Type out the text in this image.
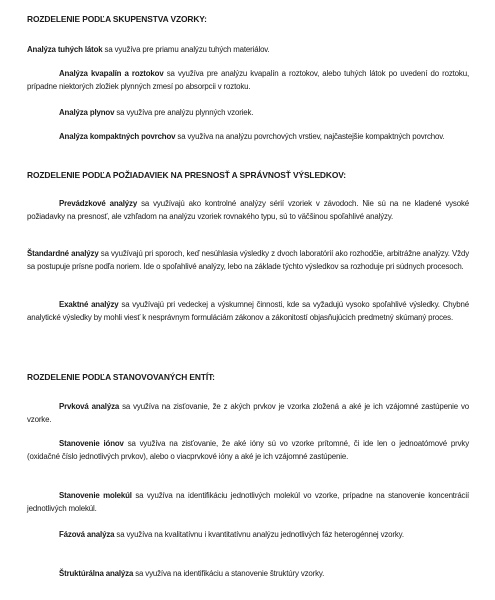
ROZDELENIE PODĽA SKUPENSTVA VZORKY:

Analýza tuhých látok sa využíva pre priamu analýzu tuhých materiálov.

Analýza kvapalín a roztokov sa využíva pre analýzu kvapalín a roztokov, alebo tuhých látok po uvedení do roztoku, prípadne niektorých zložiek plynných zmesí po absorpcii v roztoku.

Analýza plynov sa využíva pre analýzu plynných vzoriek.

Analýza kompaktných povrchov sa využíva na analýzu povrchových vrstiev, najčastejšie kompaktných povrchov.

ROZDELENIE PODĽA POŽIADAVIEK NA PRESNOSŤ A SPRÁVNOSŤ VÝSLEDKOV:

Prevádzkové analýzy sa využívajú ako kontrolné analýzy sérií vzoriek v závodoch. Nie sú na ne kladené vysoké požiadavky na presnosť, ale vzhľadom na analýzu vzoriek rovnakého typu, sú to väčšinou spoľahlivé analýzy.

Štandardné analýzy sa využívajú pri sporoch, keď nesúhlasia výsledky z dvoch laboratórií ako rozhodčie, arbitrážne analýzy. Vždy sa postupuje prísne podľa noriem. Ide o spoľahlivé analýzy, lebo na základe týchto výsledkov sa rozhoduje pri súdnych procesoch.

Exaktné analýzy sa využívajú pri vedeckej a výskumnej činnosti, kde sa vyžadujú vysoko spoľahlivé výsledky. Chybné analytické výsledky by mohli viesť k nesprávnym formuláciám zákonov a zákonitostí objasňujúcich predmetný skúmaný proces.

ROZDELENIE PODĽA STANOVOVANÝCH ENTÍT:

Prvková analýza sa využíva na zisťovanie, že z akých prvkov je vzorka zložená a aké je ich vzájomné zastúpenie vo vzorke.

Stanovenie iónov sa využíva na zisťovanie, že aké ióny sú vo vzorke prítomné, či ide len o jednoatómové prvky (oxidačné číslo jednotlivých prvkov), alebo o viacprvkové ióny a aké je ich vzájomné zastúpenie.

Stanovenie molekúl sa využíva na identifikáciu jednotlivých molekúl vo vzorke, prípadne na stanovenie koncentrácií jednotlivých molekúl.

Fázová analýza sa využíva na kvalitatívnu i kvantitatívnu analýzu jednotlivých fáz heterogénnej vzorky.

Štruktúrálna analýza sa využíva na identifikáciu a stanovenie štruktúry vzorky.
